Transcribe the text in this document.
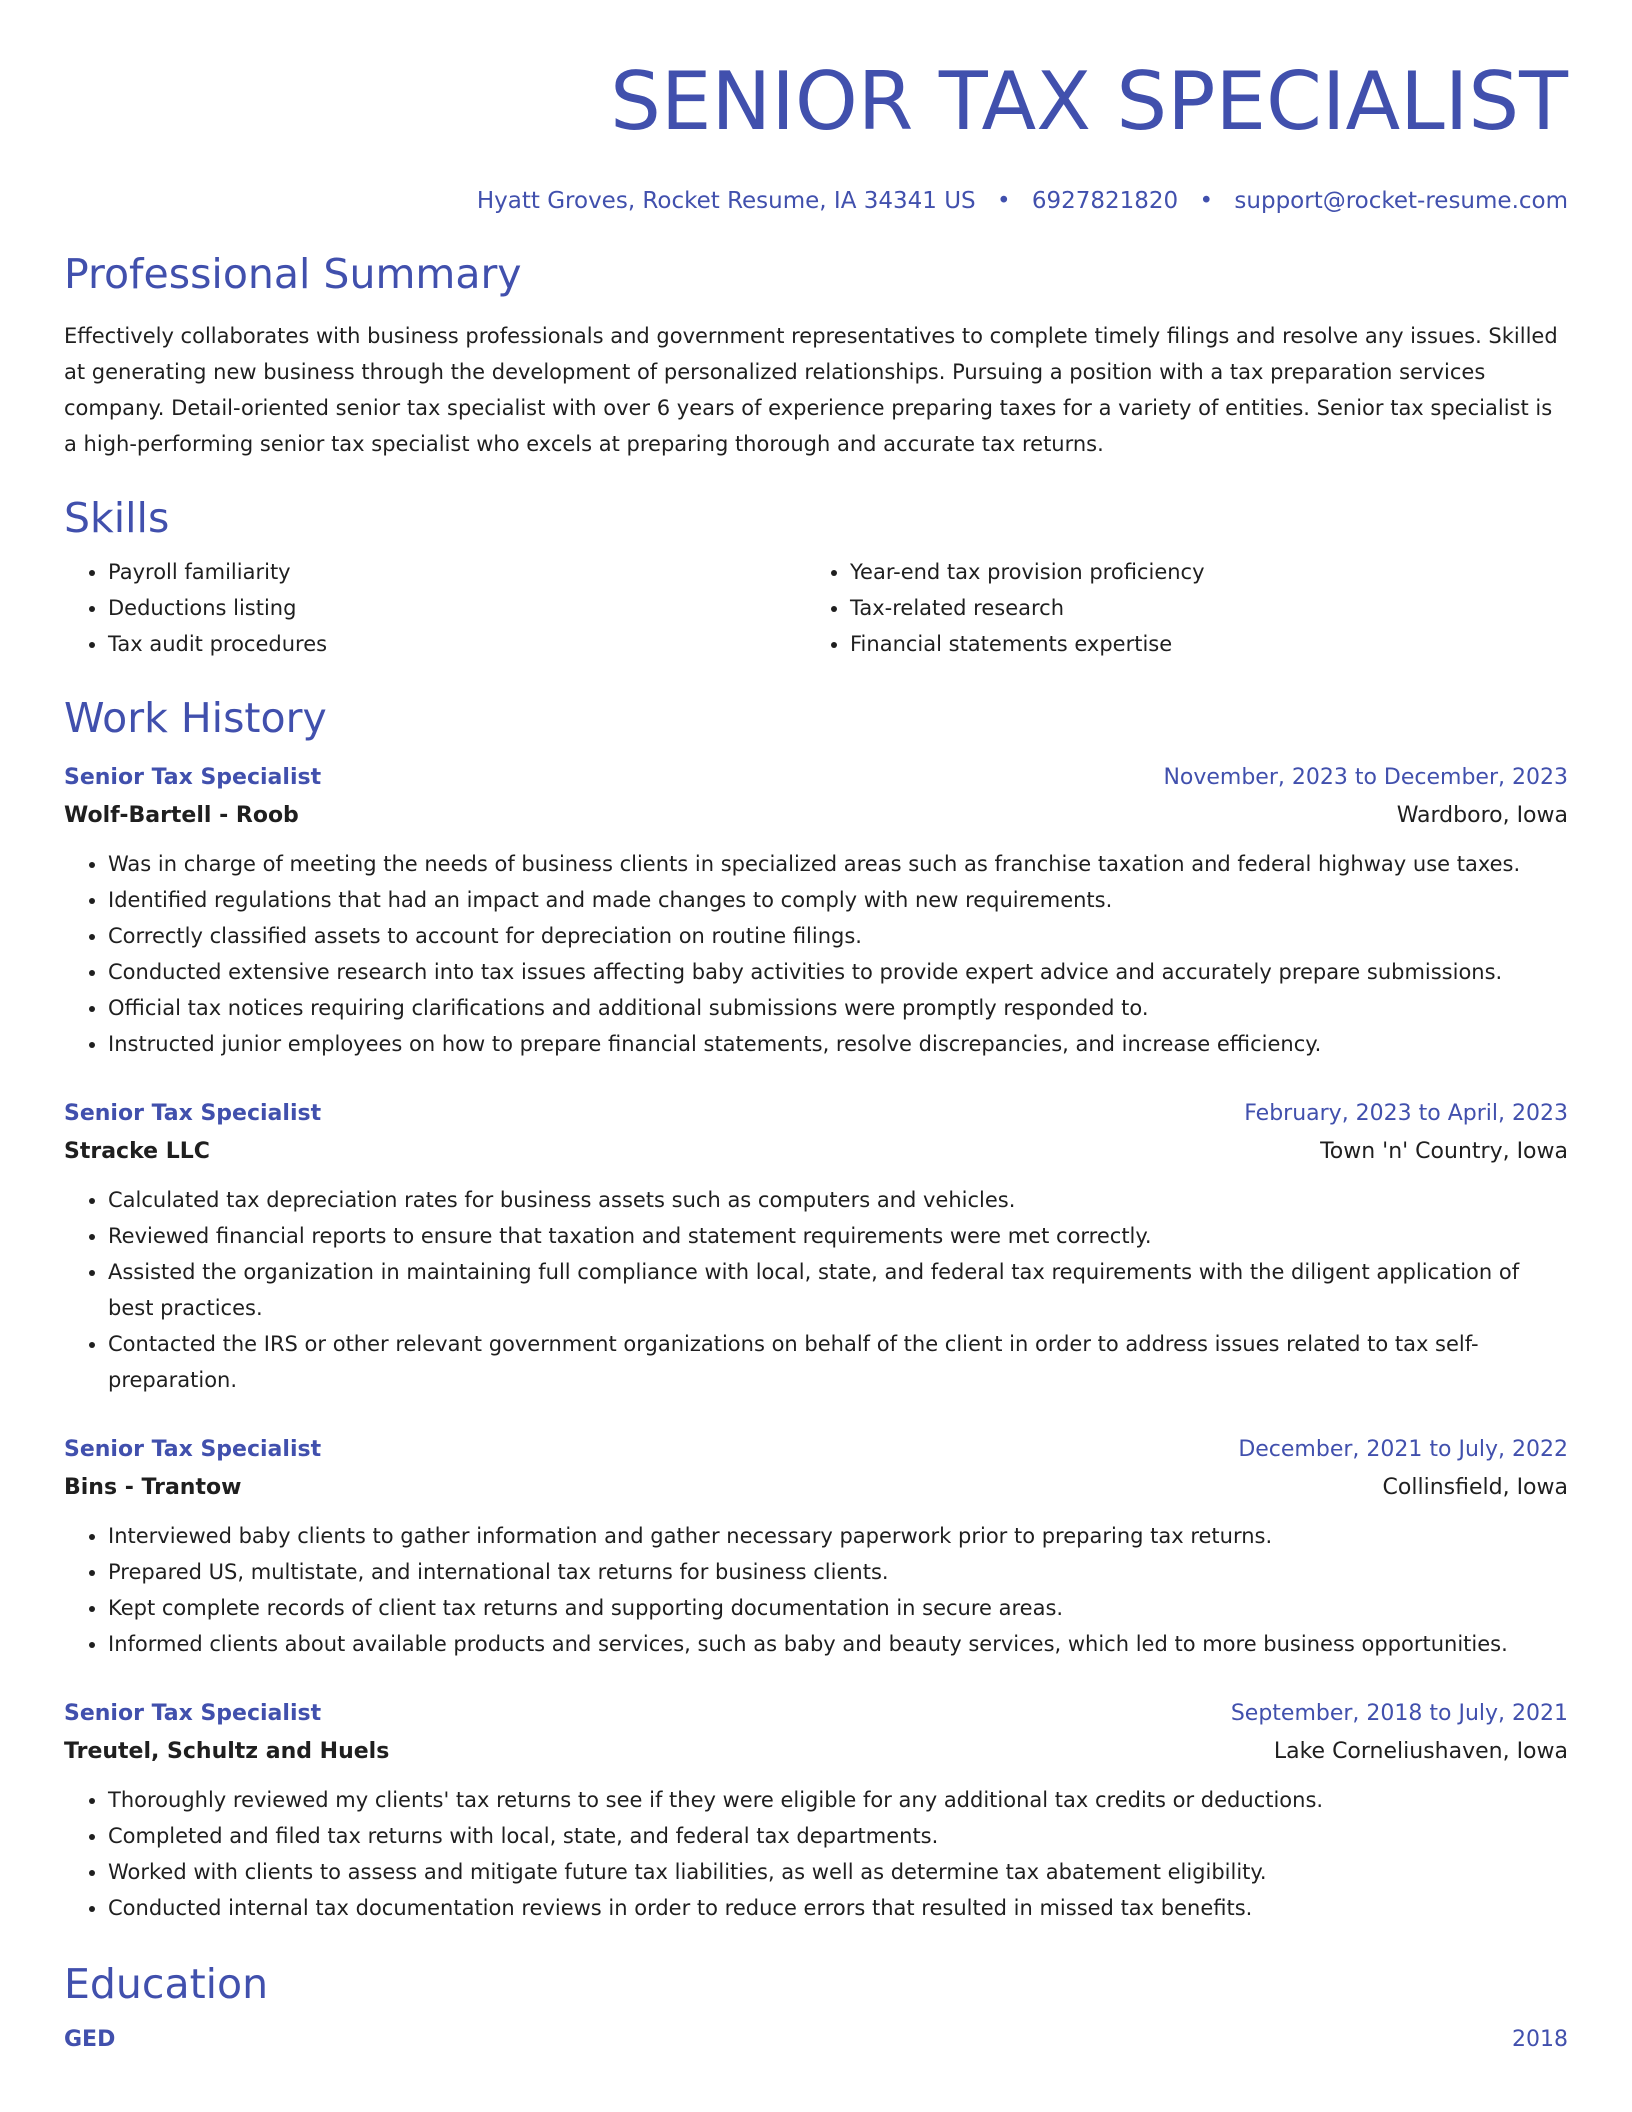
SENIOR TAX SPECIALIST
Hyatt Groves, Rocket Resume, IA 34341 US • 6927821820 • support@rocket-resume.com
Professional Summary
Effectively collaborates with business professionals and government representatives to complete timely filings and resolve any issues. Skilled at generating new business through the development of personalized relationships. Pursuing a position with a tax preparation services company. Detail-oriented senior tax specialist with over 6 years of experience preparing taxes for a variety of entities. Senior tax specialist is a high-performing senior tax specialist who excels at preparing thorough and accurate tax returns.
Skills
• Payroll familiarity
• Deductions listing
• Tax audit procedures
• Year-end tax provision proficiency
• Tax-related research
• Financial statements expertise
Work History
Senior Tax Specialist	November, 2023 to December, 2023
Wolf-Bartell - Roob	Wardboro, Iowa
• Was in charge of meeting the needs of business clients in specialized areas such as franchise taxation and federal highway use taxes.
• Identified regulations that had an impact and made changes to comply with new requirements.
• Correctly classified assets to account for depreciation on routine filings.
• Conducted extensive research into tax issues affecting baby activities to provide expert advice and accurately prepare submissions.
• Official tax notices requiring clarifications and additional submissions were promptly responded to.
• Instructed junior employees on how to prepare financial statements, resolve discrepancies, and increase efficiency.
Senior Tax Specialist	February, 2023 to April, 2023
Stracke LLC	Town 'n' Country, Iowa
• Calculated tax depreciation rates for business assets such as computers and vehicles.
• Reviewed financial reports to ensure that taxation and statement requirements were met correctly.
• Assisted the organization in maintaining full compliance with local, state, and federal tax requirements with the diligent application of best practices.
• Contacted the IRS or other relevant government organizations on behalf of the client in order to address issues related to tax self-preparation.
Senior Tax Specialist	December, 2021 to July, 2022
Bins - Trantow	Collinsfield, Iowa
• Interviewed baby clients to gather information and gather necessary paperwork prior to preparing tax returns.
• Prepared US, multistate, and international tax returns for business clients.
• Kept complete records of client tax returns and supporting documentation in secure areas.
• Informed clients about available products and services, such as baby and beauty services, which led to more business opportunities.
Senior Tax Specialist	September, 2018 to July, 2021
Treutel, Schultz and Huels	Lake Corneliushaven, Iowa
• Thoroughly reviewed my clients' tax returns to see if they were eligible for any additional tax credits or deductions.
• Completed and filed tax returns with local, state, and federal tax departments.
• Worked with clients to assess and mitigate future tax liabilities, as well as determine tax abatement eligibility.
• Conducted internal tax documentation reviews in order to reduce errors that resulted in missed tax benefits.
Education
GED	2018
